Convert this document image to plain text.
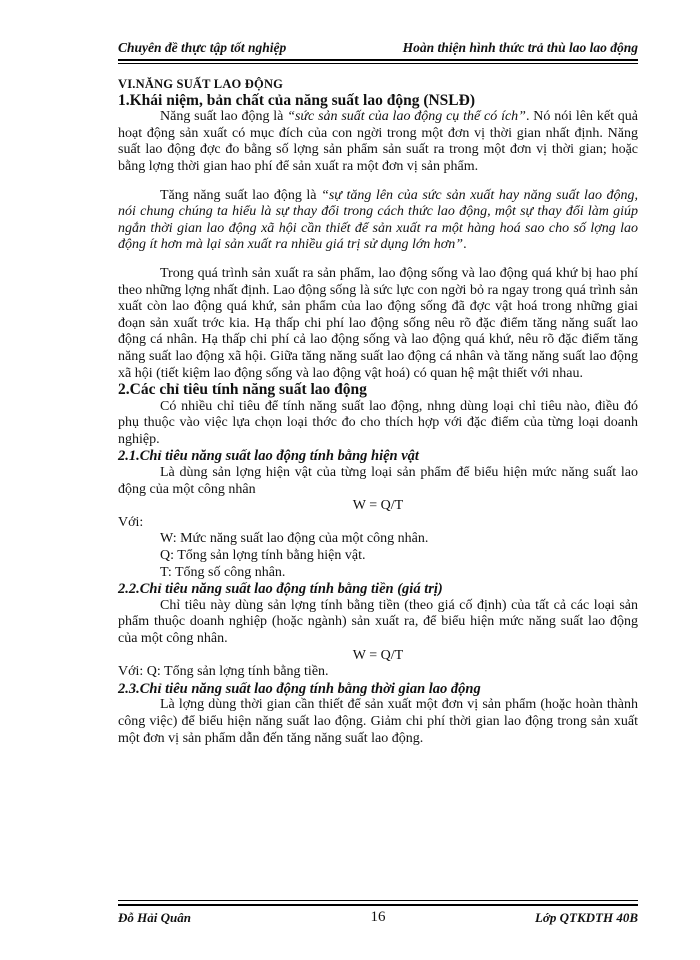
Chuyên đề thực tập tốt nghiệp	Hoàn thiện hình thức trả thù lao lao động

VI.NĂNG SUẤT LAO ĐỘNG

1.Khái niệm, bản chất của năng suất lao động (NSLĐ)

Năng suất lao động là “sức sản suất của lao động cụ thể có ích”. Nó nói lên kết quả hoạt động sản xuất có mục đích của con ngời trong một đơn vị thời gian nhất định. Năng suất lao động đợc đo bằng số lợng sản phẩm sản suất ra trong một đơn vị thời gian; hoặc bằng lợng thời gian hao phí để sản xuất ra một đơn vị sản phẩm.

Tăng năng suất lao động là “sự tăng lên của sức sản xuất hay năng suất lao động, nói chung chúng ta hiểu là sự thay đổi trong cách thức lao động, một sự thay đổi làm giúp ngắn thời gian lao động xã hội cần thiết để sản xuất ra một hàng hoá sao cho số lợng lao động ít hơn mà lại sản xuất ra nhiều giá trị sử dụng lớn hơn”.

Trong quá trình sản xuất ra sản phẩm, lao động sống và lao động quá khứ bị hao phí theo những lợng nhất định. Lao động sống là sức lực con ngời bỏ ra ngay trong quá trình sản xuất còn lao động quá khứ, sản phẩm của lao động sống đã đợc vật hoá trong những giai đoạn sản xuất trớc kia. Hạ thấp chi phí lao động sống nêu rõ đặc điểm tăng năng suất lao động cá nhân. Hạ thấp chi phí cả lao động sống và lao động quá khứ, nêu rõ đặc điểm tăng năng suất lao động xã hội. Giữa tăng năng suất lao động cá nhân và tăng năng suất lao động xã hội (tiết kiệm lao động sống và lao động vật hoá) có quan hệ mật thiết với nhau.

2.Các chỉ tiêu tính năng suất lao động

Có nhiều chỉ tiêu để tính năng suất lao động, nhng dùng loại chỉ tiêu nào, điều đó phụ thuộc vào việc lựa chọn loại thớc đo cho thích hợp với đặc điểm của từng loại doanh nghiệp.

2.1.Chỉ tiêu năng suất lao động tính bằng hiện vật

Là dùng sản lợng hiện vật của từng loại sản phẩm để biểu hiện mức năng suất lao động của một công nhân

W = Q/T

Với:

W: Mức năng suất lao động của một công nhân.

Q: Tổng sản lợng tính bằng hiện vật.

T: Tổng số công nhân.

2.2.Chỉ tiêu năng suất lao động tính bằng tiền (giá trị)

Chỉ tiêu này dùng sản lợng tính bằng tiền (theo giá cố định) của tất cả các loại sản phẩm thuộc doanh nghiệp (hoặc ngành) sản xuất ra, để biểu hiện mức năng suất lao động của một công nhân.

W = Q/T

Với: Q: Tổng sản lợng tính bằng tiền.

2.3.Chỉ tiêu năng suất lao động tính bằng thời gian lao động

Là lợng dùng thời gian cần thiết để sản xuất một đơn vị sản phẩm (hoặc hoàn thành công việc) để biểu hiện năng suất lao động. Giảm chi phí thời gian lao động trong sản xuất một đơn vị sản phẩm dẫn đến tăng năng suất lao động.

Đỗ Hải Quân	16	Lớp QTKDTH 40B
